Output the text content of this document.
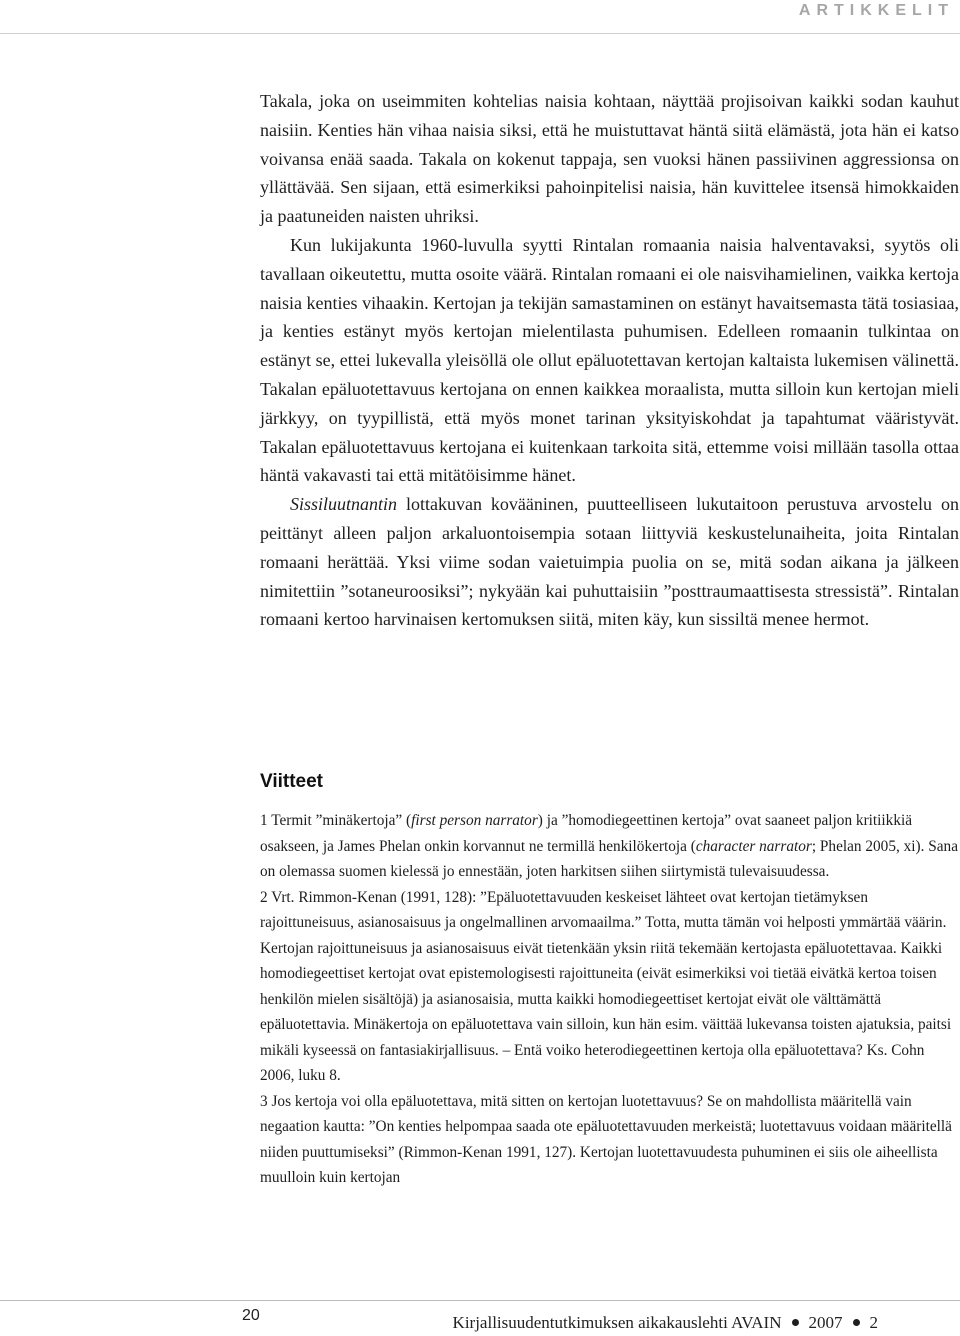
ARTIKKELIT

Takala, joka on useimmiten kohtelias naisia kohtaan, näyttää projisoivan kaikki sodan kauhut naisiin. Kenties hän vihaa naisia siksi, että he muistuttavat häntä siitä elämästä, jota hän ei katso voivansa enää saada. Takala on kokenut tappaja, sen vuoksi hänen passiivinen aggressionsa on yllättävää. Sen sijaan, että esimerkiksi pahoinpitelisi naisia, hän kuvittelee itsensä himokkaiden ja paatuneiden naisten uhriksi.

Kun lukijakunta 1960-luvulla syytti Rintalan romaania naisia halventavaksi, syytös oli tavallaan oikeutettu, mutta osoite väärä. Rintalan romaani ei ole naisvihamielinen, vaikka kertoja naisia kenties vihaakin. Kertojan ja tekijän samastaminen on estänyt havaitsemasta tätä tosiasiaa, ja kenties estänyt myös kertojan mielentilasta puhumisen. Edelleen romaanin tulkintaa on estänyt se, ettei lukevalla yleisöllä ole ollut epäluotettavan kertojan kaltaista lukemisen välinettä. Takalan epäluotettavuus kertojana on ennen kaikkea moraalista, mutta silloin kun kertojan mieli järkkyy, on tyypillistä, että myös monet tarinan yksityiskohdat ja tapahtumat vääristyvät. Takalan epäluotettavuus kertojana ei kuitenkaan tarkoita sitä, ettemme voisi millään tasolla ottaa häntä vakavasti tai että mitätöisimme hänet.

Sissiluutnantin lottakuvan kovääninen, puutteelliseen lukutaitoon perustuva arvostelu on peittänyt alleen paljon arkaluontoisempia sotaan liittyviä keskustelunaiheita, joita Rintalan romaani herättää. Yksi viime sodan vaietuimpia puolia on se, mitä sodan aikana ja jälkeen nimitettiin ”sotaneuroosiksi”; nykyään kai puhuttaisiin ”posttraumaattisesta stressistä”. Rintalan romaani kertoo harvinaisen kertomuksen siitä, miten käy, kun sissiltä menee hermot.

Viitteet

1 Termit ”minäkertoja” (first person narrator) ja ”homodiegeettinen kertoja” ovat saaneet paljon kritiikkiä osakseen, ja James Phelan onkin korvannut ne termillä henkilökertoja (character narrator; Phelan 2005, xi). Sana on olemassa suomen kielessä jo ennestään, joten harkitsen siihen siirtymistä tulevaisuudessa.

2 Vrt. Rimmon-Kenan (1991, 128): ”Epäluotettavuuden keskeiset lähteet ovat kertojan tietämyksen rajoittuneisuus, asianosaisuus ja ongelmallinen arvomaailma.” Totta, mutta tämän voi helposti ymmärtää väärin. Kertojan rajoittuneisuus ja asianosaisuus eivät tietenkään yksin riitä tekemään kertojasta epäluotettavaa. Kaikki homodiegeettiset kertojat ovat epistemologisesti rajoittuneita (eivät esimerkiksi voi tietää eivätkä kertoa toisen henkilön mielen sisältöjä) ja asianosaisia, mutta kaikki homodiegeettiset kertojat eivät ole välttämättä epäluotettavia. Minäkertoja on epäluotettava vain silloin, kun hän esim. väittää lukevansa toisten ajatuksia, paitsi mikäli kyseessä on fantasiakirjallisuus. – Entä voiko heterodiegeettinen kertoja olla epäluotettava? Ks. Cohn 2006, luku 8.

3 Jos kertoja voi olla epäluotettava, mitä sitten on kertojan luotettavuus? Se on mahdollista määritellä vain negaation kautta: ”On kenties helpompaa saada ote epäluotettavuuden merkeistä; luotettavuus voidaan määritellä niiden puuttumiseksi” (Rimmon-Kenan 1991, 127). Kertojan luotettavuudesta puhuminen ei siis ole aiheellista muulloin kuin kertojan

20	Kirjallisuudentutkimuksen aikakauslehti AVAIN 2007 2
